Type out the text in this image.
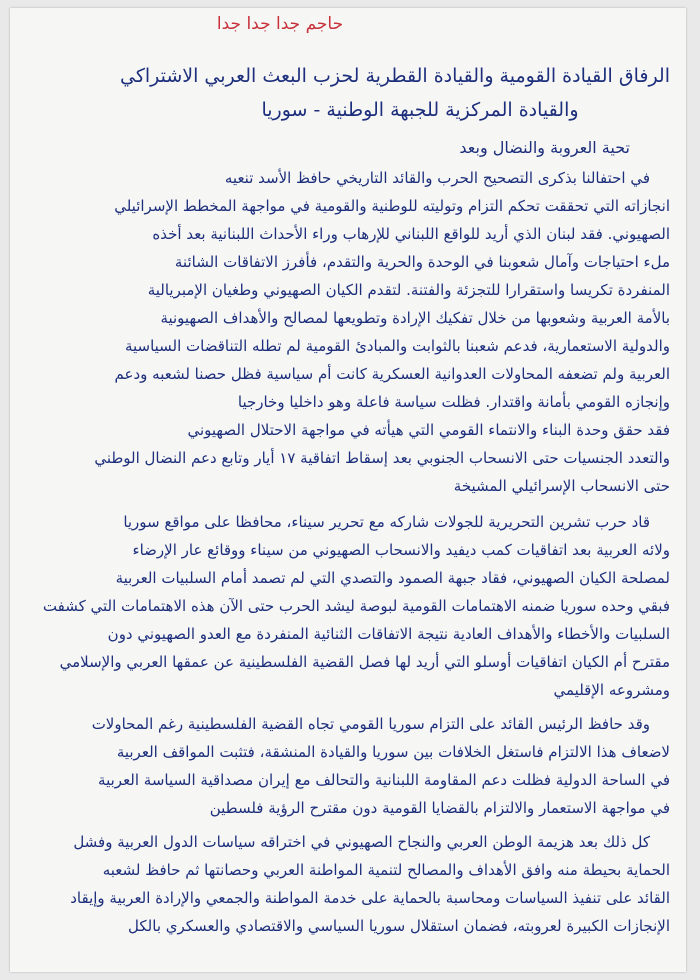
حاجم جدا جدا جدا
الرفاق القيادة القومية والقيادة القطرية لحزب البعث العربي الاشتراكي
والقيادة المركزية للجبهة الوطنية - سوريا
تحية العروبة والنضال وبعد
في احتفالنا بذكرى التصحيح الحرب والقائد التاريخي حافظ الأسد تنعيه
انجازاته التي تحققت تحكم التزام وتوليته للوطنية والقومية في مواجهة المخطط الإسرائيلي
الصهيوني. فقد لبنان الذي أريد للواقع اللبناني للإرهاب وراء الأحداث اللبنانية بعد أخذه
ملء احتياجات وآمال شعوبنا في الوحدة والحرية والتقدم، فأفرز الاتفاقات الشائنة
المنفردة تكريسا واستقرارا للتجزئة والفتنة. لتقدم الكيان الصهيوني وطغيان الإمبريالية
بالأمة العربية وشعوبها من خلال تفكيك الإرادة وتطويعها لمصالح والأهداف الصهيونية
والدولية الاستعمارية، فدعم شعبنا بالثوابت والمبادئ القومية لم تطله التناقضات السياسية
العربية ولم تضعفه المحاولات العدوانية العسكرية كانت أم سياسية فظل حصنا لشعبه ودعم
وإنجازه القومي بأمانة واقتدار. فظلت سياسة فاعلة وهو داخليا وخارجيا
فقد حقق وحدة البناء والانتماء القومي التي هيأته في مواجهة الاحتلال الصهيوني
والتعدد الجنسيات حتى الانسحاب الجنوبي بعد إسقاط اتفاقية ١٧ أيار وتابع دعم النضال الوطني
حتى الانسحاب الإسرائيلي المشيخة
قاد حرب تشرين التحريرية للجولات شاركه مع تحرير سيناء، محافظا على مواقع سوريا
ولائه العربية بعد اتفاقيات كمب ديفيد والانسحاب الصهيوني من سيناء ووقائع عار الإرضاء
لمصلحة الكيان الصهيوني، فقاد جبهة الصمود والتصدي التي لم تصمد أمام السلبيات العربية
فبقي وحده سوريا ضمنه الاهتمامات القومية لبوصة ليشد الحرب حتى الآن هذه الاهتمامات التي كشفت
السلبيات والأخطاء والأهداف العادية نتيجة الاتفاقات الثنائية المنفردة مع العدو الصهيوني دون
مقترح أم الكيان اتفاقيات أوسلو التي أريد لها فصل القضية الفلسطينية عن عمقها العربي والإسلامي
ومشروعه الإقليمي
وقد حافظ الرئيس القائد على التزام سوريا القومي تجاه القضية الفلسطينية رغم المحاولات
لاضعاف هذا الالتزام فاستغل الخلافات بين سوريا والقيادة المنشقة، فتثبت المواقف العربية
في الساحة الدولية فظلت دعم المقاومة اللبنانية والتحالف مع إيران مصداقية السياسة العربية
في مواجهة الاستعمار والالتزام بالقضايا القومية دون مقترح الرؤية فلسطين
كل ذلك بعد هزيمة الوطن العربي والنجاح الصهيوني في اختراقه سياسات الدول العربية وفشل
الحماية بحيطة منه وافق الأهداف والمصالح لتنمية المواطنة العربي وحصانتها ثم حافظ لشعبه
القائد على تنفيذ السياسات ومحاسبة بالحماية على خدمة المواطنة والجمعي والإرادة العربية وإيقاد
الإنجازات الكبيرة لعروبته، فضمان استقلال سوريا السياسي والاقتصادي والعسكري بالكل
